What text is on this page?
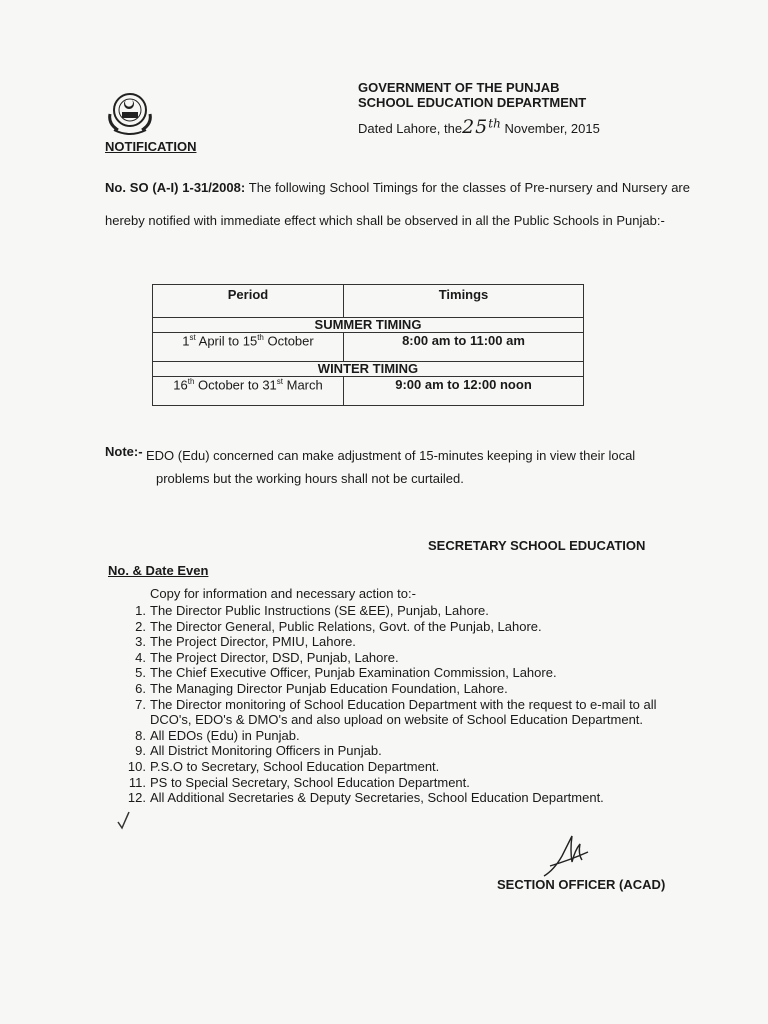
GOVERNMENT OF THE PUNJAB
SCHOOL EDUCATION DEPARTMENT
Dated Lahore, the25th November, 2015
NOTIFICATION
No. SO (A-I) 1-31/2008: The following School Timings for the classes of Pre-nursery and Nursery are hereby notified with immediate effect which shall be observed in all the Public Schools in Punjab:-
Period	Timings
SUMMER TIMING	
1st April to 15th October	8:00 am to 11:00 am
WINTER TIMING	
16th October to 31st March	9:00 am to 12:00 noon
Note:- EDO (Edu) concerned can make adjustment of 15-minutes keeping in view their local
problems but the working hours shall not be curtailed.
SECRETARY SCHOOL EDUCATION
No. & Date Even
Copy for information and necessary action to:-
1. The Director Public Instructions (SE &EE), Punjab, Lahore.
2. The Director General, Public Relations, Govt. of the Punjab, Lahore.
3. The Project Director, PMIU, Lahore.
4. The Project Director, DSD, Punjab, Lahore.
5. The Chief Executive Officer, Punjab Examination Commission, Lahore.
6. The Managing Director Punjab Education Foundation, Lahore.
7. The Director monitoring of School Education Department with the request to e-mail to all DCO's, EDO's & DMO's and also upload on website of School Education Department.
8. All EDOs (Edu) in Punjab.
9. All District Monitoring Officers in Punjab.
10. P.S.O to Secretary, School Education Department.
11. PS to Special Secretary, School Education Department.
12. All Additional Secretaries & Deputy Secretaries, School Education Department.
SECTION OFFICER (ACAD)
